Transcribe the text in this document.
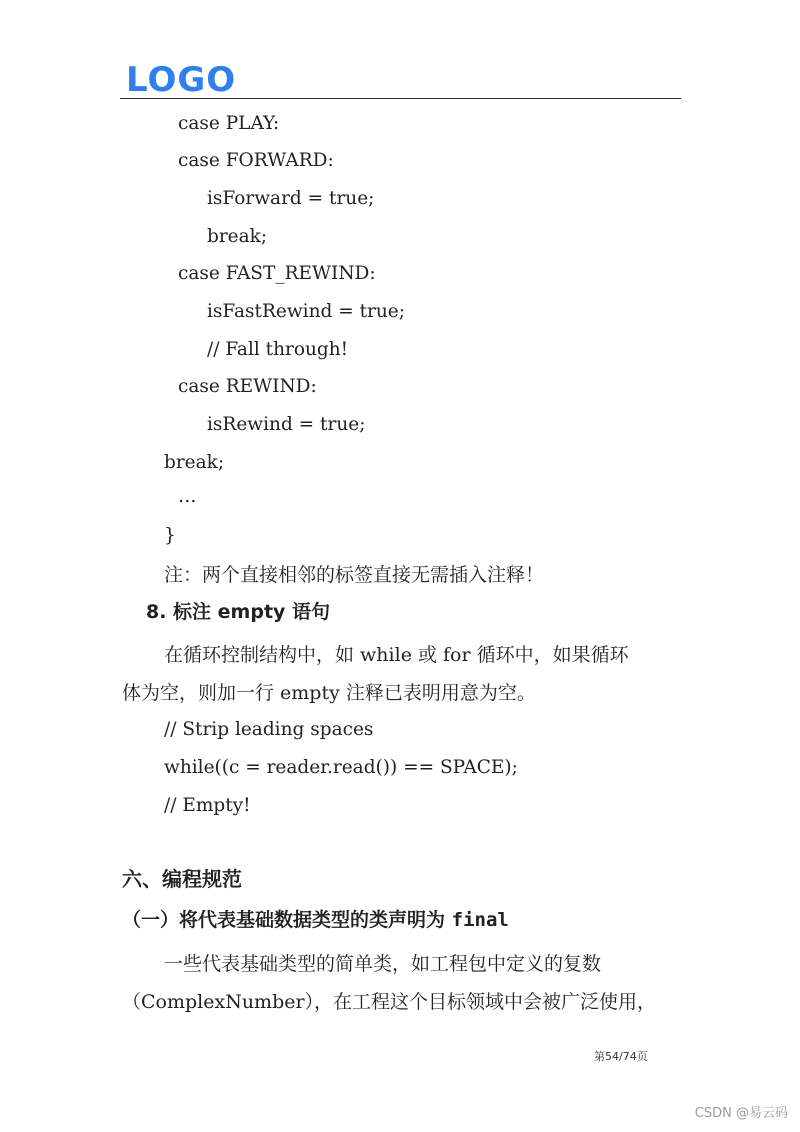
LOGO
case PLAY:
case FORWARD:
isForward = true;
break;
case FAST_REWIND:
isFastRewind = true;
// Fall through!
case REWIND:
isRewind = true;
break;
…
}
注：两个直接相邻的标签直接无需插入注释！
8. 标注 empty 语句
在循环控制结构中，如 while 或 for 循环中，如果循环
体为空，则加一行 empty 注释已表明用意为空。
// Strip leading spaces
while((c = reader.read()) == SPACE);
// Empty!
六、编程规范
（一）将代表基础数据类型的类声明为 final
一些代表基础类型的简单类，如工程包中定义的复数
（ComplexNumber），在工程这个目标领域中会被广泛使用，
第54/74页
CSDN @易云码
